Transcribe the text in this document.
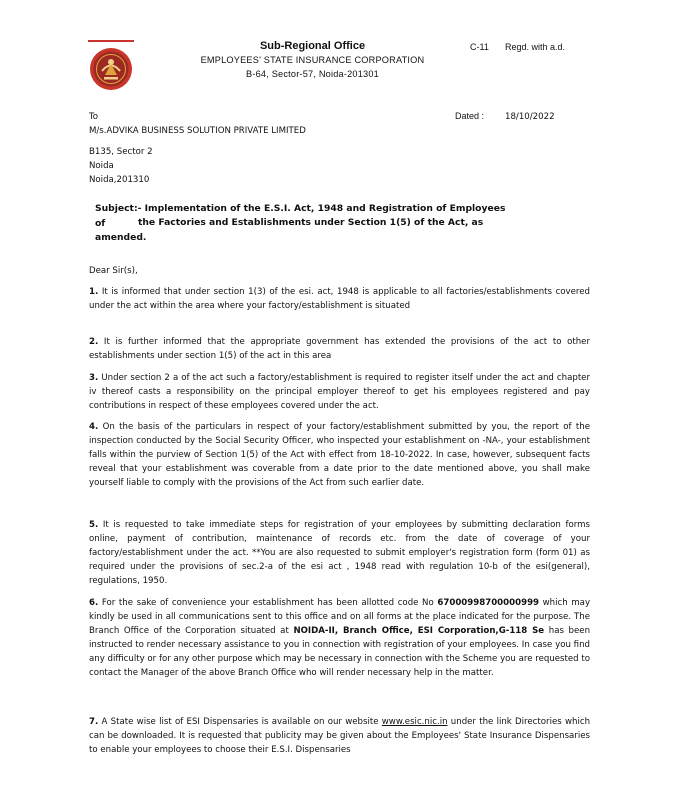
Sub-Regional Office
EMPLOYEES' STATE INSURANCE CORPORATION
B-64, Sector-57, Noida-201301
C-11 Regd. with a.d.
To	Dated : 18/10/2022
M/s.ADVIKA BUSINESS SOLUTION PRIVATE LIMITED
B135, Sector 2
Noida
Noida,201310
Subject:- Implementation of the E.S.I. Act, 1948 and Registration of Employees of	the Factories and Establishments under Section 1(5) of the Act, as
amended.
Dear Sir(s),
1. It is informed that under section 1(3) of the esi. act, 1948 is applicable to all factories/establishments covered under the act within the area where your factory/establishment is situated
2. It is further informed that the appropriate government has extended the provisions of the act to other establishments under section 1(5) of the act in this area
3. Under section 2 a of the act such a factory/establishment is required to register itself under the act and chapter iv thereof casts a responsibility on the principal employer thereof to get his employees registered and pay contributions in respect of these employees covered under the act.
4. On the basis of the particulars in respect of your factory/establishment submitted by you, the report of the inspection conducted by the Social Security Officer, who inspected your establishment on -NA-, your establishment falls within the purview of Section 1(5) of the Act with effect from 18-10-2022. In case, however, subsequent facts reveal that your establishment was coverable from a date prior to the date mentioned above, you shall make yourself liable to comply with the provisions of the Act from such earlier date.
5. It is requested to take immediate steps for registration of your employees by submitting declaration forms online, payment of contribution, maintenance of records etc. from the date of coverage of your factory/establishment under the act. **You are also requested to submit employer's registration form (form 01) as required under the provisions of sec.2-a of the esi act , 1948 read with regulation 10-b of the esi(general), regulations, 1950.
6. For the sake of convenience your establishment has been allotted code No 67000998700000999 which may kindly be used in all communications sent to this office and on all forms at the place indicated for the purpose. The Branch Office of the Corporation situated at NOIDA-II, Branch Office, ESI Corporation,G-118 Se has been instructed to render necessary assistance to you in connection with registration of your employees. In case you find any difficulty or for any other purpose which may be necessary in connection with the Scheme you are requested to contact the Manager of the above Branch Office who will render necessary help in the matter.
7. A State wise list of ESI Dispensaries is available on our website www.esic.nic.in under the link Directories which can be downloaded. It is requested that publicity may be given about the Employees' State Insurance Dispensaries to enable your employees to choose their E.S.I. Dispensaries
